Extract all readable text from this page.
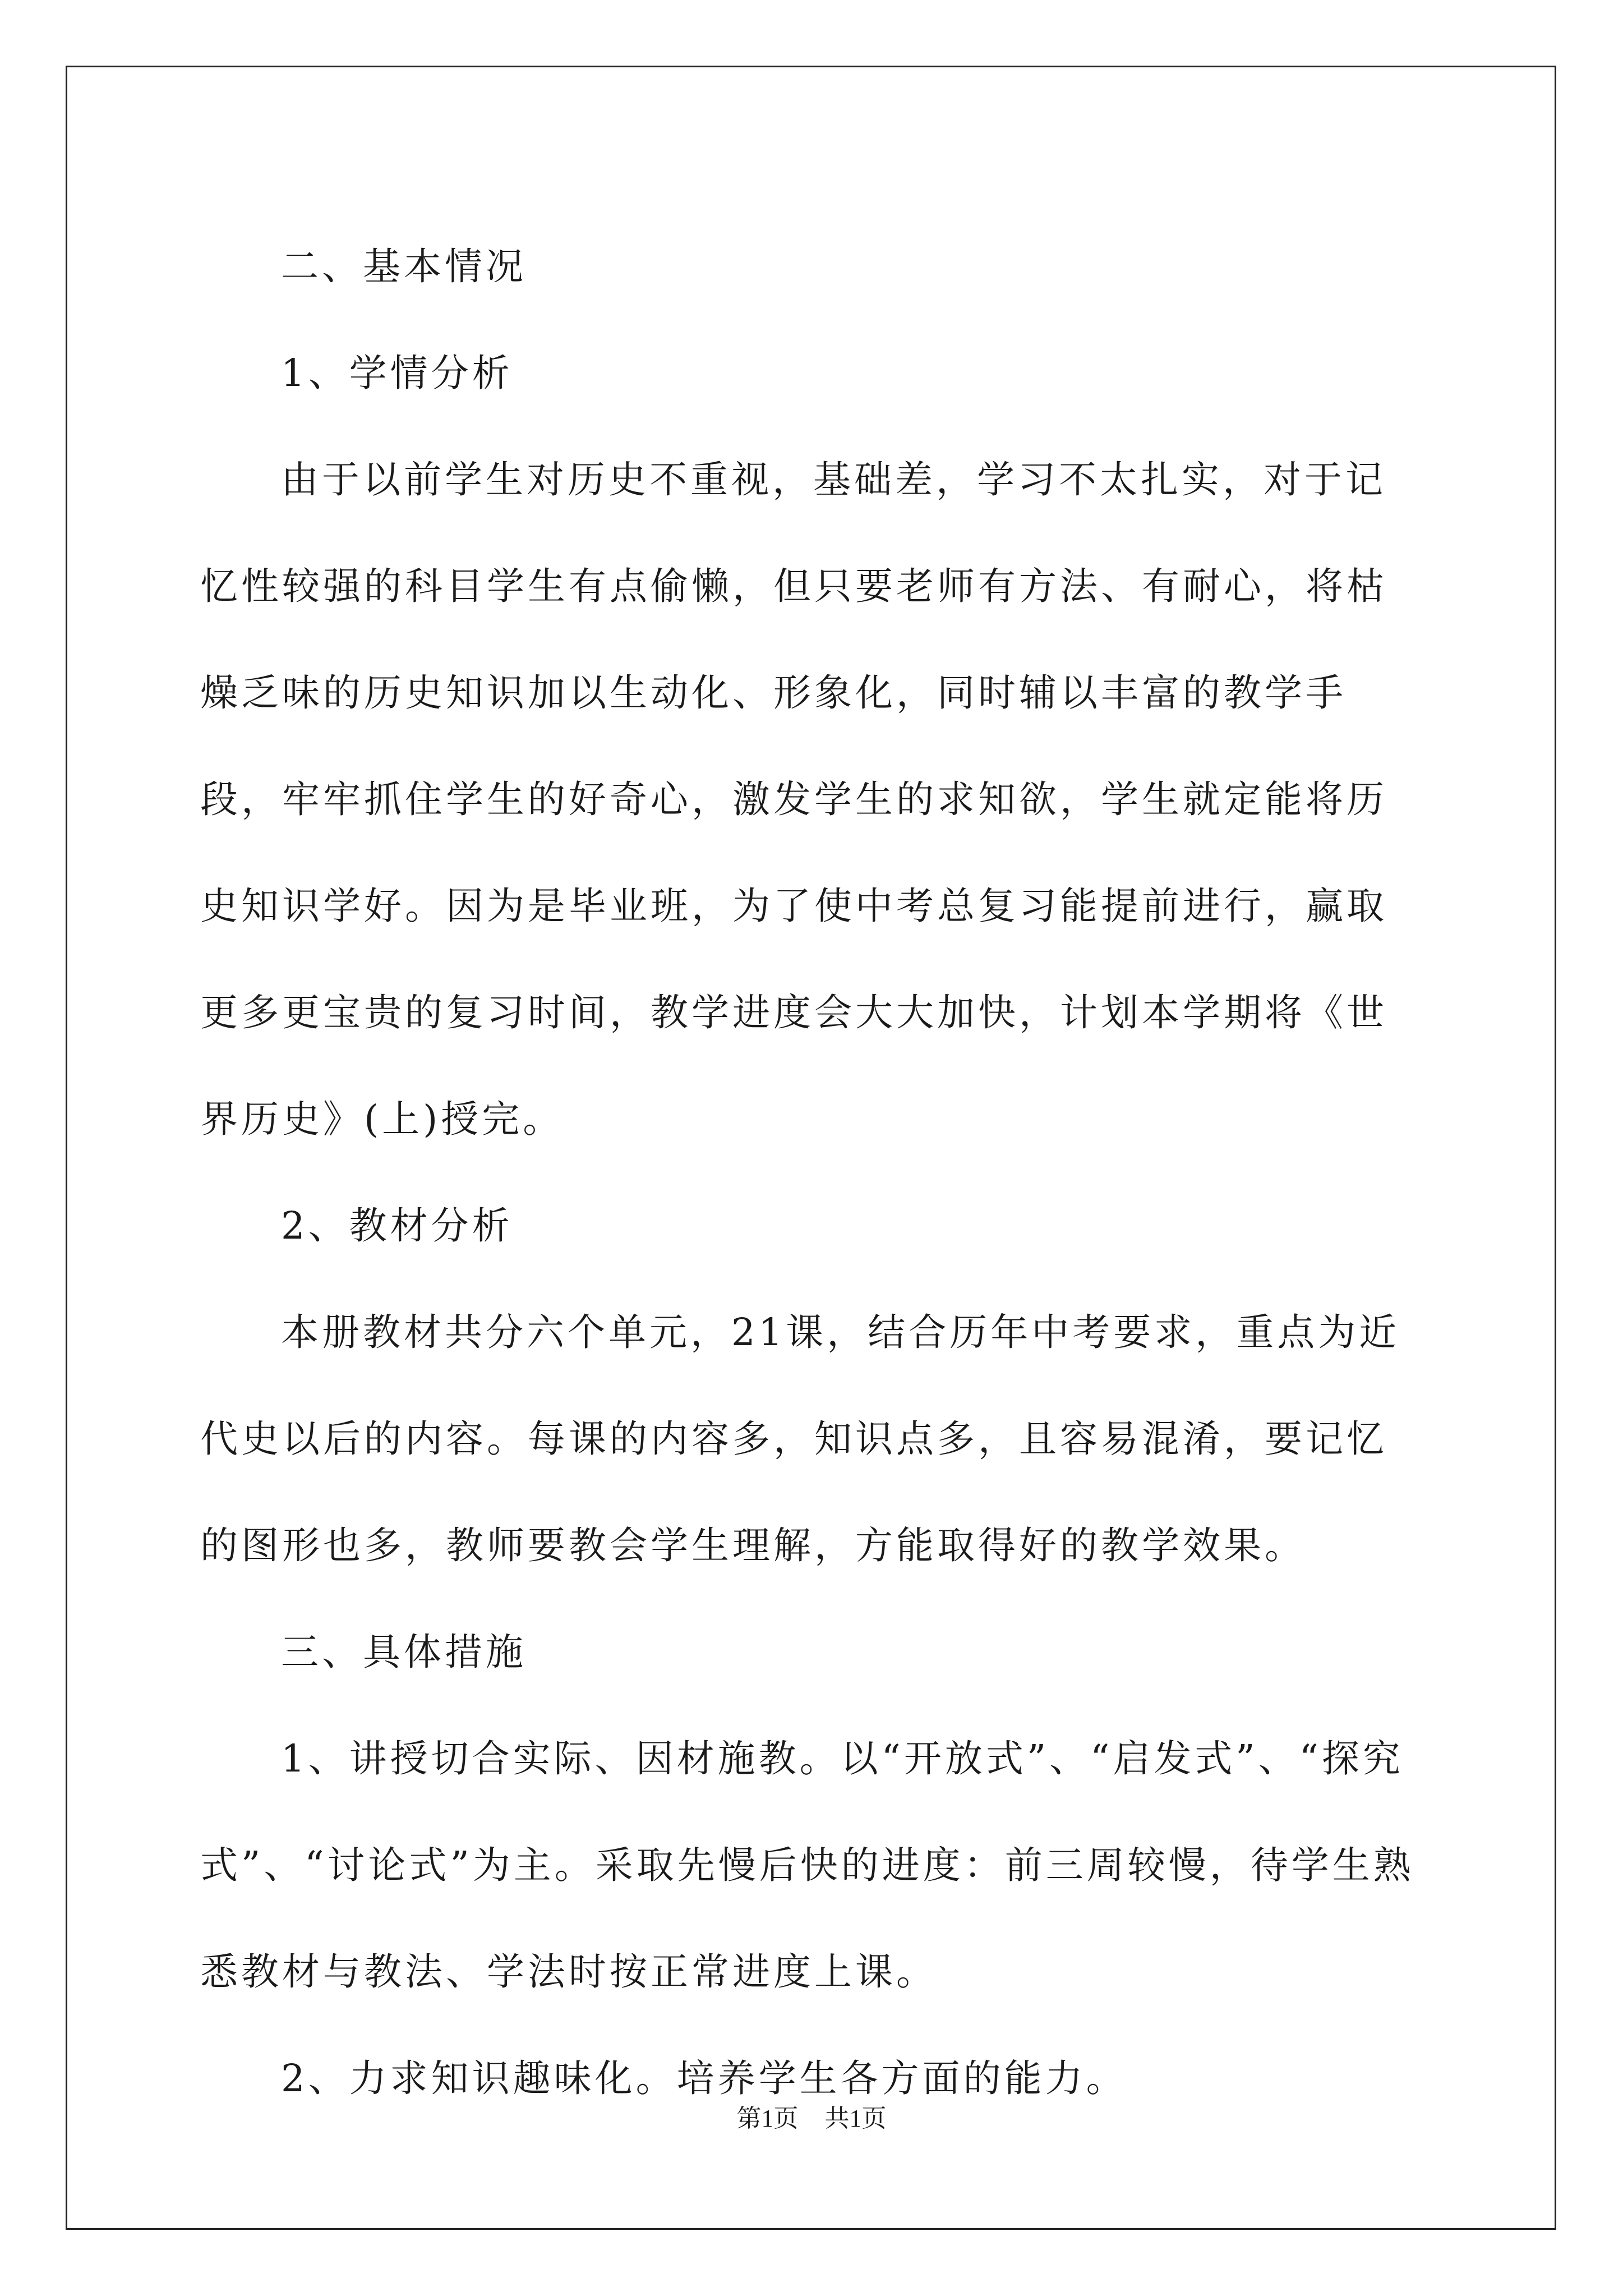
二、基本情况

1、学情分析

由于以前学生对历史不重视，基础差，学习不太扎实，对于记忆性较强的科目学生有点偷懒，但只要老师有方法、有耐心，将枯燥乏味的历史知识加以生动化、形象化，同时辅以丰富的教学手段，牢牢抓住学生的好奇心，激发学生的求知欲，学生就定能将历史知识学好。因为是毕业班，为了使中考总复习能提前进行，赢取更多更宝贵的复习时间，教学进度会大大加快，计划本学期将《世界历史》(上)授完。

2、教材分析

本册教材共分六个单元，21课，结合历年中考要求，重点为近代史以后的内容。每课的内容多，知识点多，且容易混淆，要记忆的图形也多，教师要教会学生理解，方能取得好的教学效果。

三、具体措施

1、讲授切合实际、因材施教。以“开放式”、“启发式”、“探究式”、“讨论式”为主。采取先慢后快的进度：前三周较慢，待学生熟悉教材与教法、学法时按正常进度上课。

2、力求知识趣味化。培养学生各方面的能力。

第1页 共1页
